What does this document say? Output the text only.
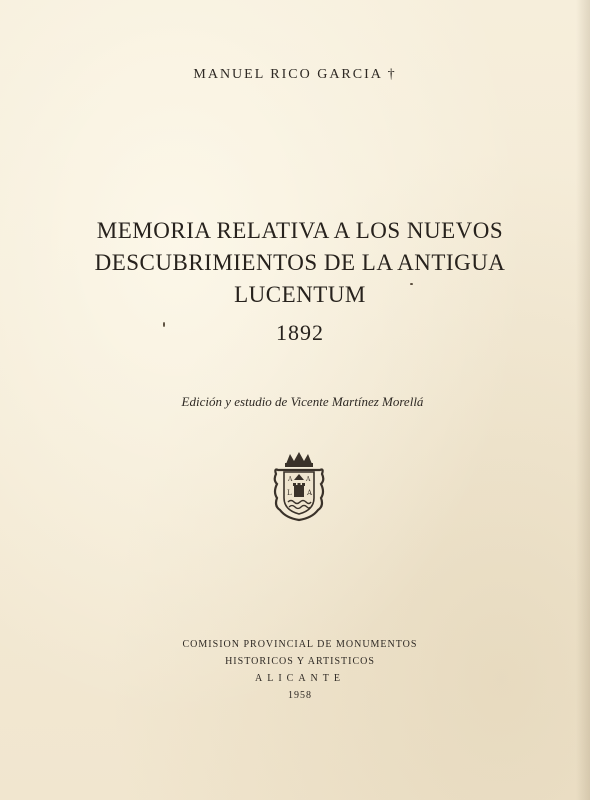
MANUEL RICO GARCIA †
MEMORIA RELATIVA A LOS NUEVOS
DESCUBRIMIENTOS DE LA ANTIGUA
LUCENTUM
1892
Edición y estudio de Vicente Martínez Morellá
A A
L A
COMISION PROVINCIAL DE MONUMENTOS
HISTORICOS Y ARTISTICOS
ALICANTE
1958
